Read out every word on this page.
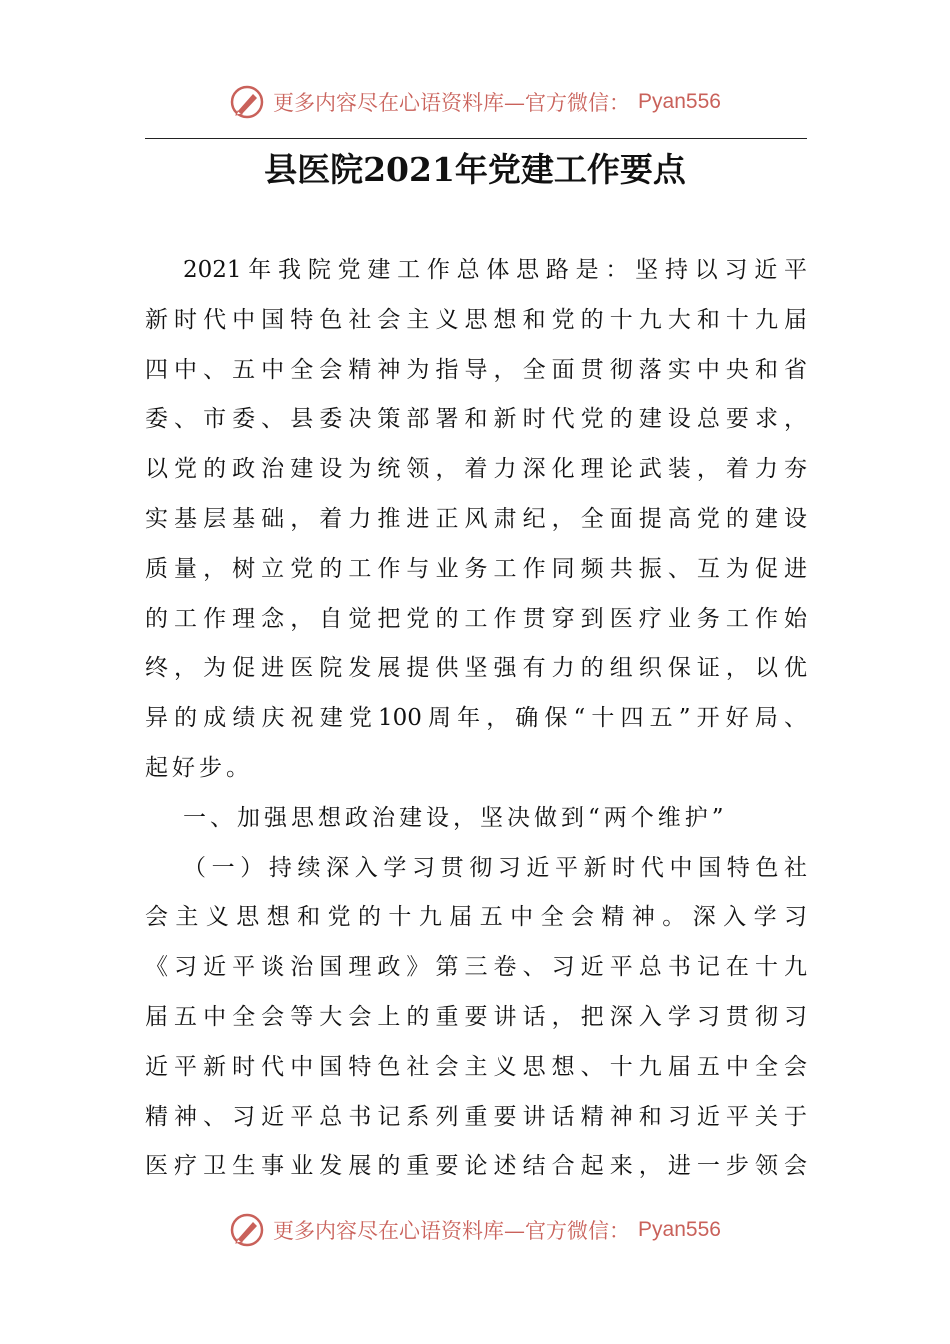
更多内容尽在心语资料库—官方微信： Pyan556
县医院2021年党建工作要点
2021年我院党建工作总体思路是：坚持以习近平
新时代中国特色社会主义思想和党的十九大和十九届
四中、五中全会精神为指导，全面贯彻落实中央和省
委、市委、县委决策部署和新时代党的建设总要求，
以党的政治建设为统领，着力深化理论武装，着力夯
实基层基础，着力推进正风肃纪，全面提高党的建设
质量，树立党的工作与业务工作同频共振、互为促进
的工作理念，自觉把党的工作贯穿到医疗业务工作始
终，为促进医院发展提供坚强有力的组织保证，以优
异的成绩庆祝建党100周年，确保“十四五”开好局、
起好步。
一、加强思想政治建设，坚决做到“两个维护”
（一）持续深入学习贯彻习近平新时代中国特色社
会主义思想和党的十九届五中全会精神。深入学习
《习近平谈治国理政》第三卷、习近平总书记在十九
届五中全会等大会上的重要讲话，把深入学习贯彻习
近平新时代中国特色社会主义思想、十九届五中全会
精神、习近平总书记系列重要讲话精神和习近平关于
医疗卫生事业发展的重要论述结合起来，进一步领会
更多内容尽在心语资料库—官方微信： Pyan556
